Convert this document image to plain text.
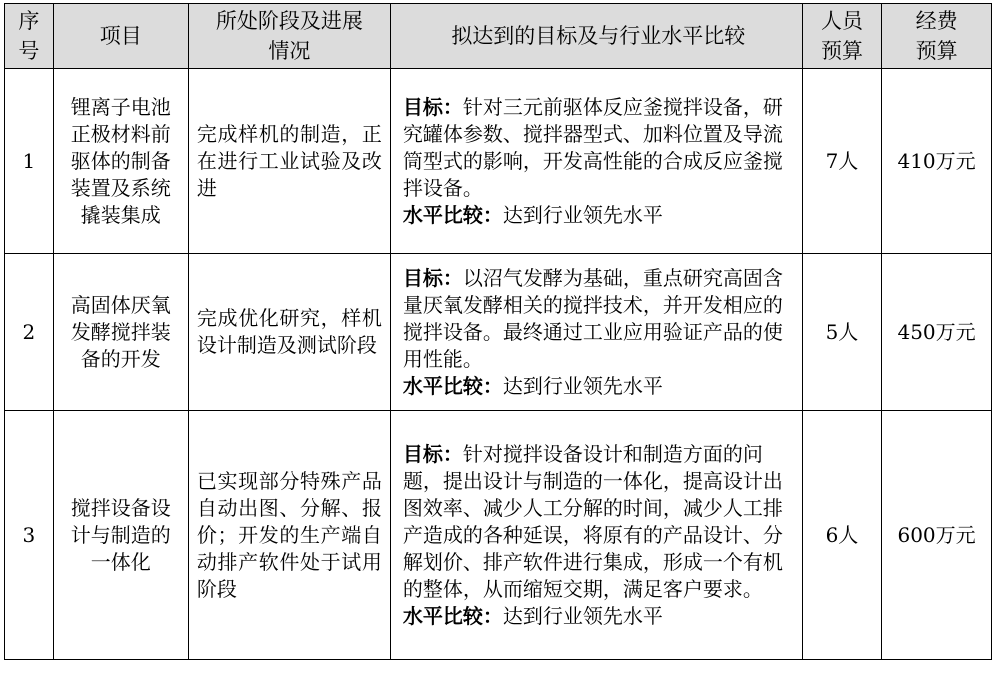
序号	项目	所处阶段及进展情况	拟达到的目标及与行业水平比较	人员预算	经费预算
1	锂离子电池正极材料前驱体的制备装置及系统撬装集成	完成样机的制造，正在进行工业试验及改进	目标：针对三元前驱体反应釜搅拌设备，研究罐体参数、搅拌器型式、加料位置及导流筒型式的影响，开发高性能的合成反应釜搅拌设备。
水平比较：达到行业领先水平	7人	410万元
2	高固体厌氧发酵搅拌装备的开发	完成优化研究，样机设计制造及测试阶段	目标：以沼气发酵为基础，重点研究高固含量厌氧发酵相关的搅拌技术，并开发相应的搅拌设备。最终通过工业应用验证产品的使用性能。
水平比较：达到行业领先水平	5人	450万元
3	搅拌设备设计与制造的一体化	已实现部分特殊产品自动出图、分解、报价；开发的生产端自动排产软件处于试用阶段	目标：针对搅拌设备设计和制造方面的问题，提出设计与制造的一体化，提高设计出图效率、减少人工分解的时间，减少人工排产造成的各种延误，将原有的产品设计、分解划价、排产软件进行集成，形成一个有机的整体，从而缩短交期，满足客户要求。
水平比较：达到行业领先水平	6人	600万元
